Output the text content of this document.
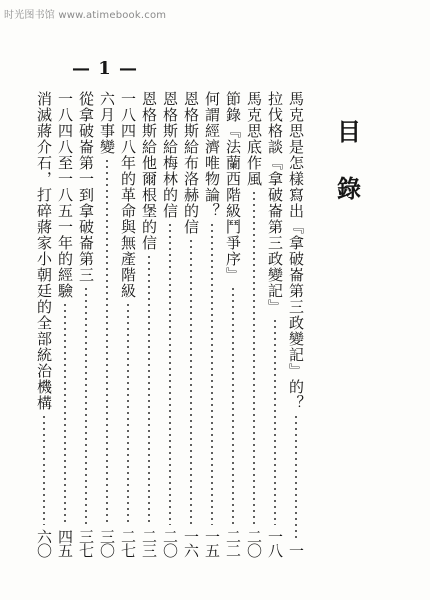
时光图书馆 www.atimebook.com
— 1 —
目
錄
馬克思是怎樣寫出『拿破崙第三政變記』的？
一
拉伐格談『拿破崙第三政變記』
一八
馬克思底作風
二〇
節錄『法蘭西階級鬥爭序』
二二
何謂經濟唯物論？
一五
恩格斯給布洛赫的信
一六
恩格斯給梅林的信
二〇
恩格斯給他爾根堡的信
二三
一八四八年的革命與無產階級
二七
六月事變
三〇
從拿破崙第一到拿破崙第三
三七
一八四八至一八五一年的經驗
四五
消滅蔣介石，打碎蔣家小朝廷的全部統治機構
六〇
